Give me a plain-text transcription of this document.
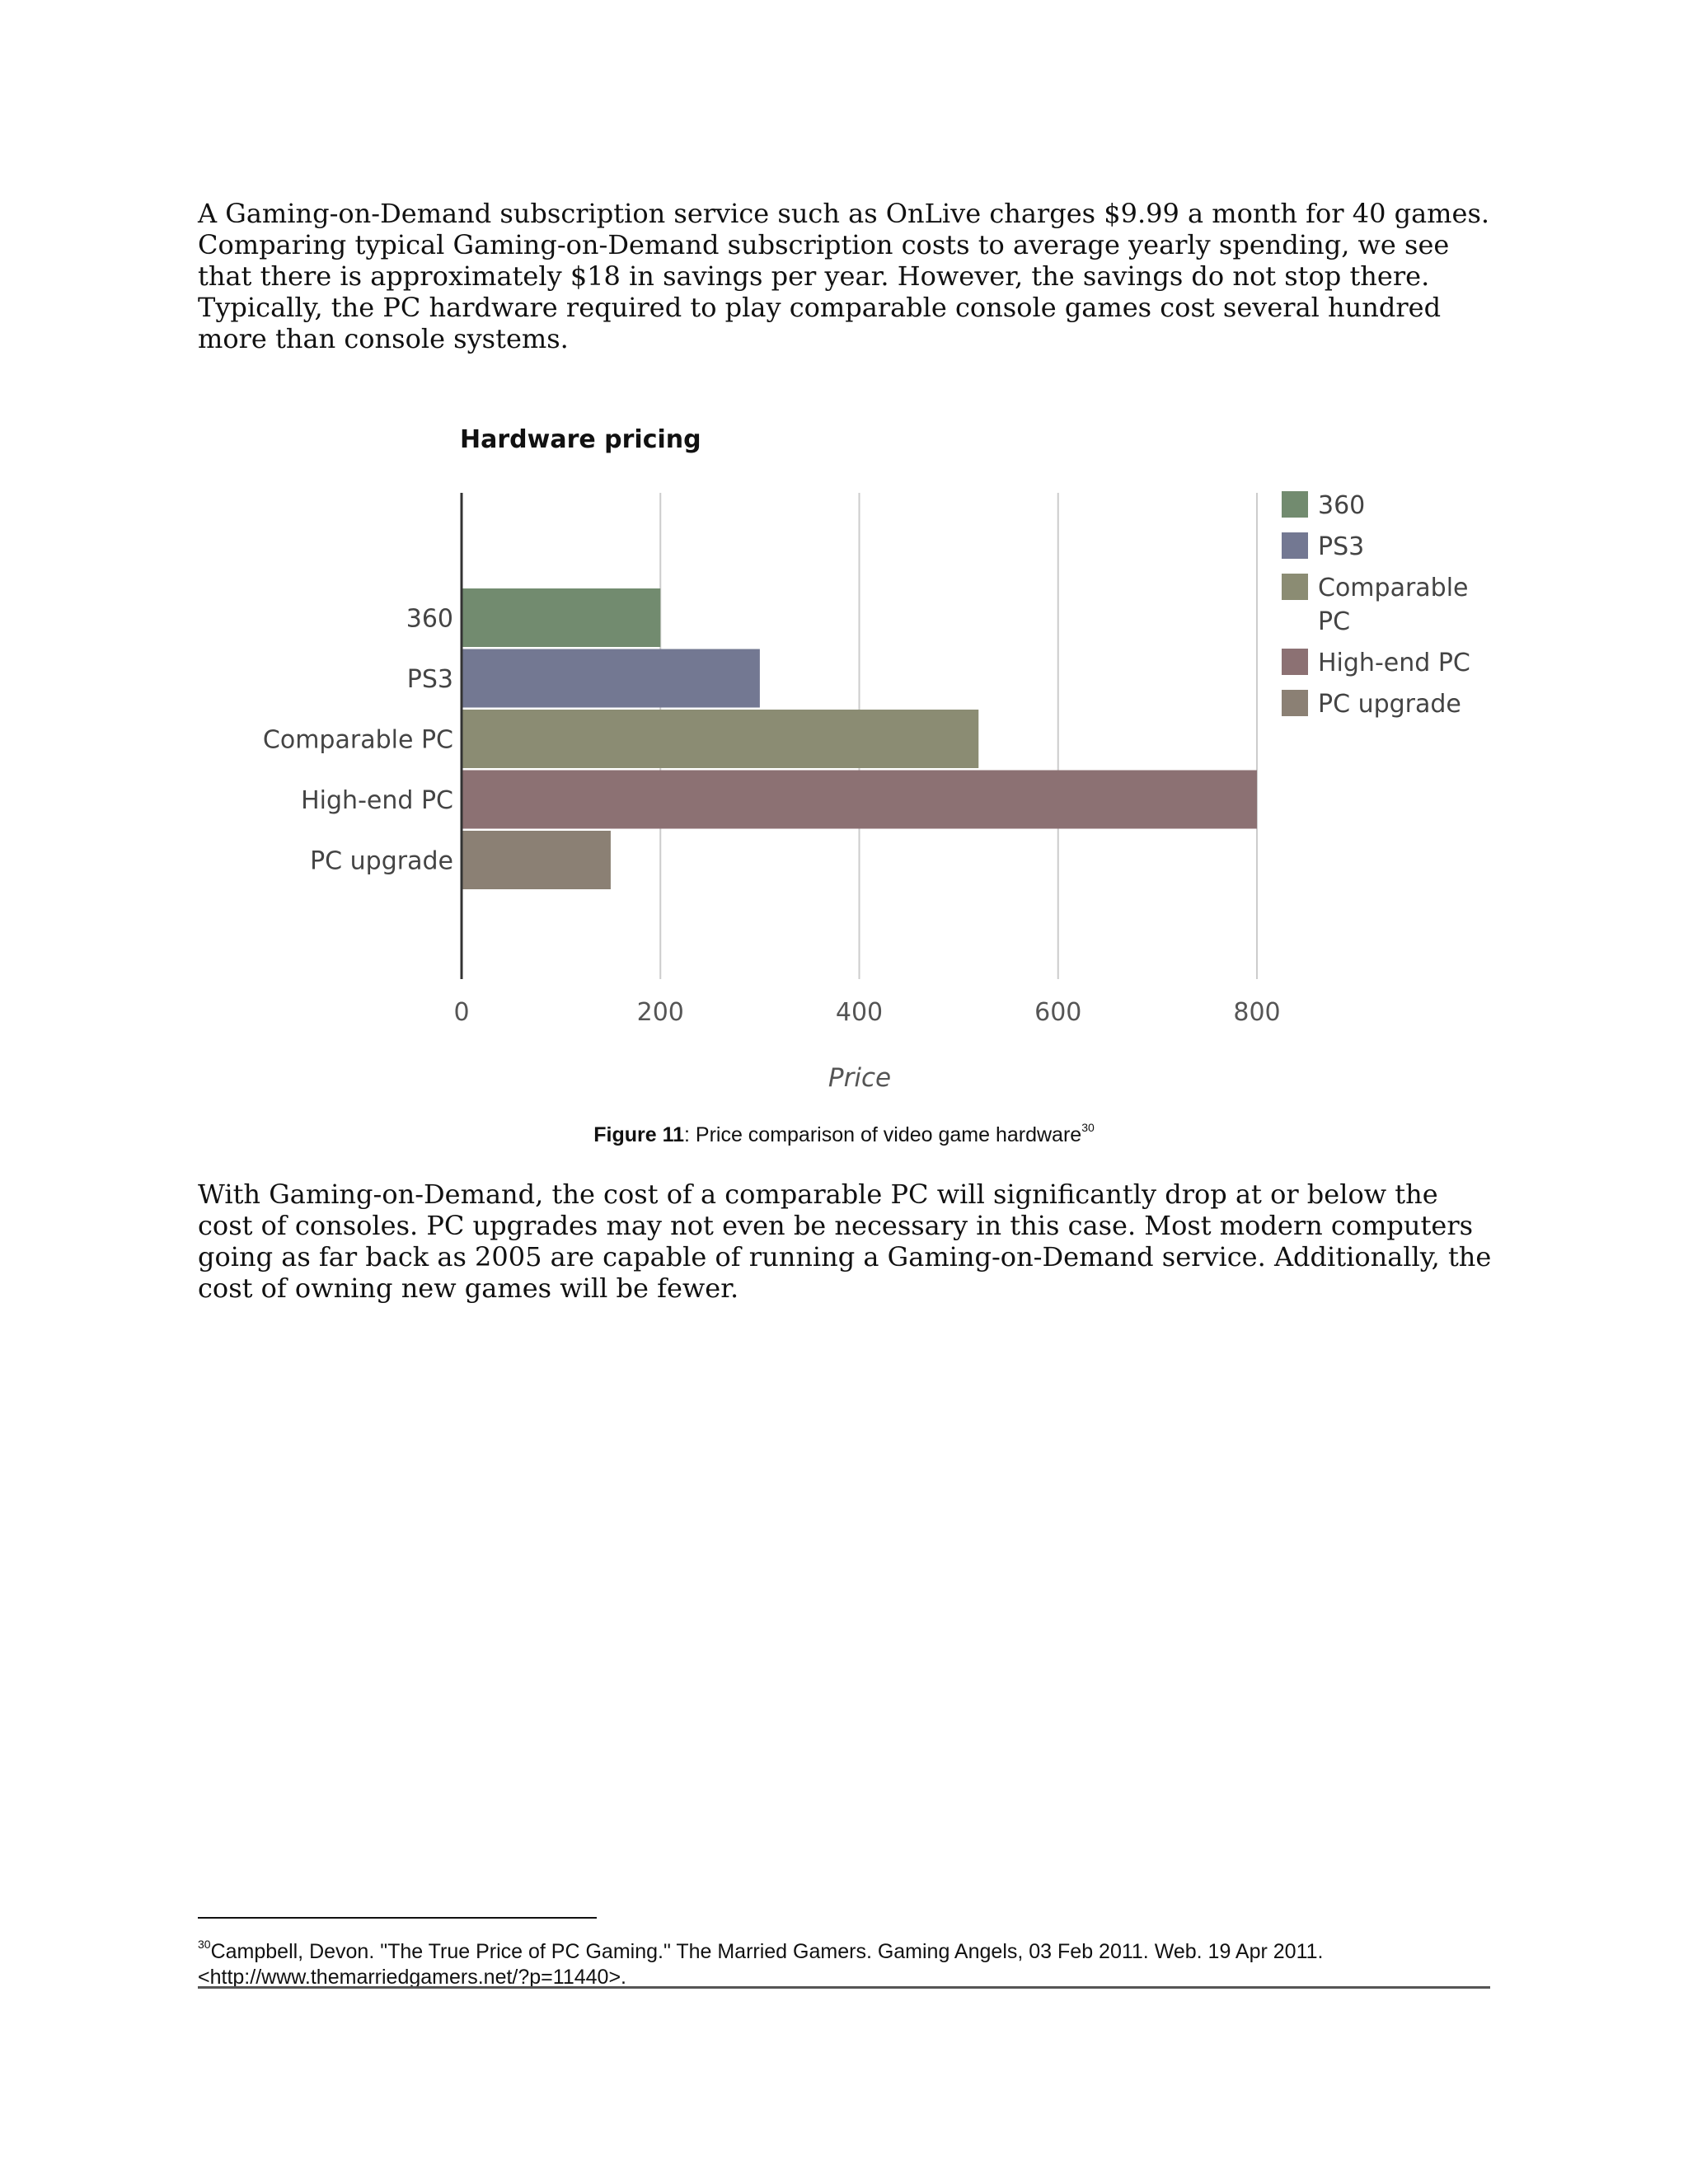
A Gaming-on-Demand subscription service such as OnLive charges $9.99 a month for 40 games. Comparing typical Gaming-on-Demand subscription costs to average yearly spending, we see that there is approximately $18 in savings per year. However, the savings do not stop there. Typically, the PC hardware required to play comparable console games cost several hundred more than console systems.

Hardware pricing
0	200	400	600	800
360
PS3
Comparable PC
High-end PC
PC upgrade
Price
360
PS3
Comparable PC
High-end PC
PC upgrade

Figure 11: Price comparison of video game hardware$^{30}$

With Gaming-on-Demand, the cost of a comparable PC will significantly drop at or below the cost of consoles. PC upgrades may not even be necessary in this case. Most modern computers going as far back as 2005 are capable of running a Gaming-on-Demand service. Additionally, the cost of owning new games will be fewer.

$^{30}$Campbell, Devon. "The True Price of PC Gaming." The Married Gamers. Gaming Angels, 03 Feb 2011. Web. 19 Apr 2011.
<http://www.themarriedgamers.net/?p=11440>.
